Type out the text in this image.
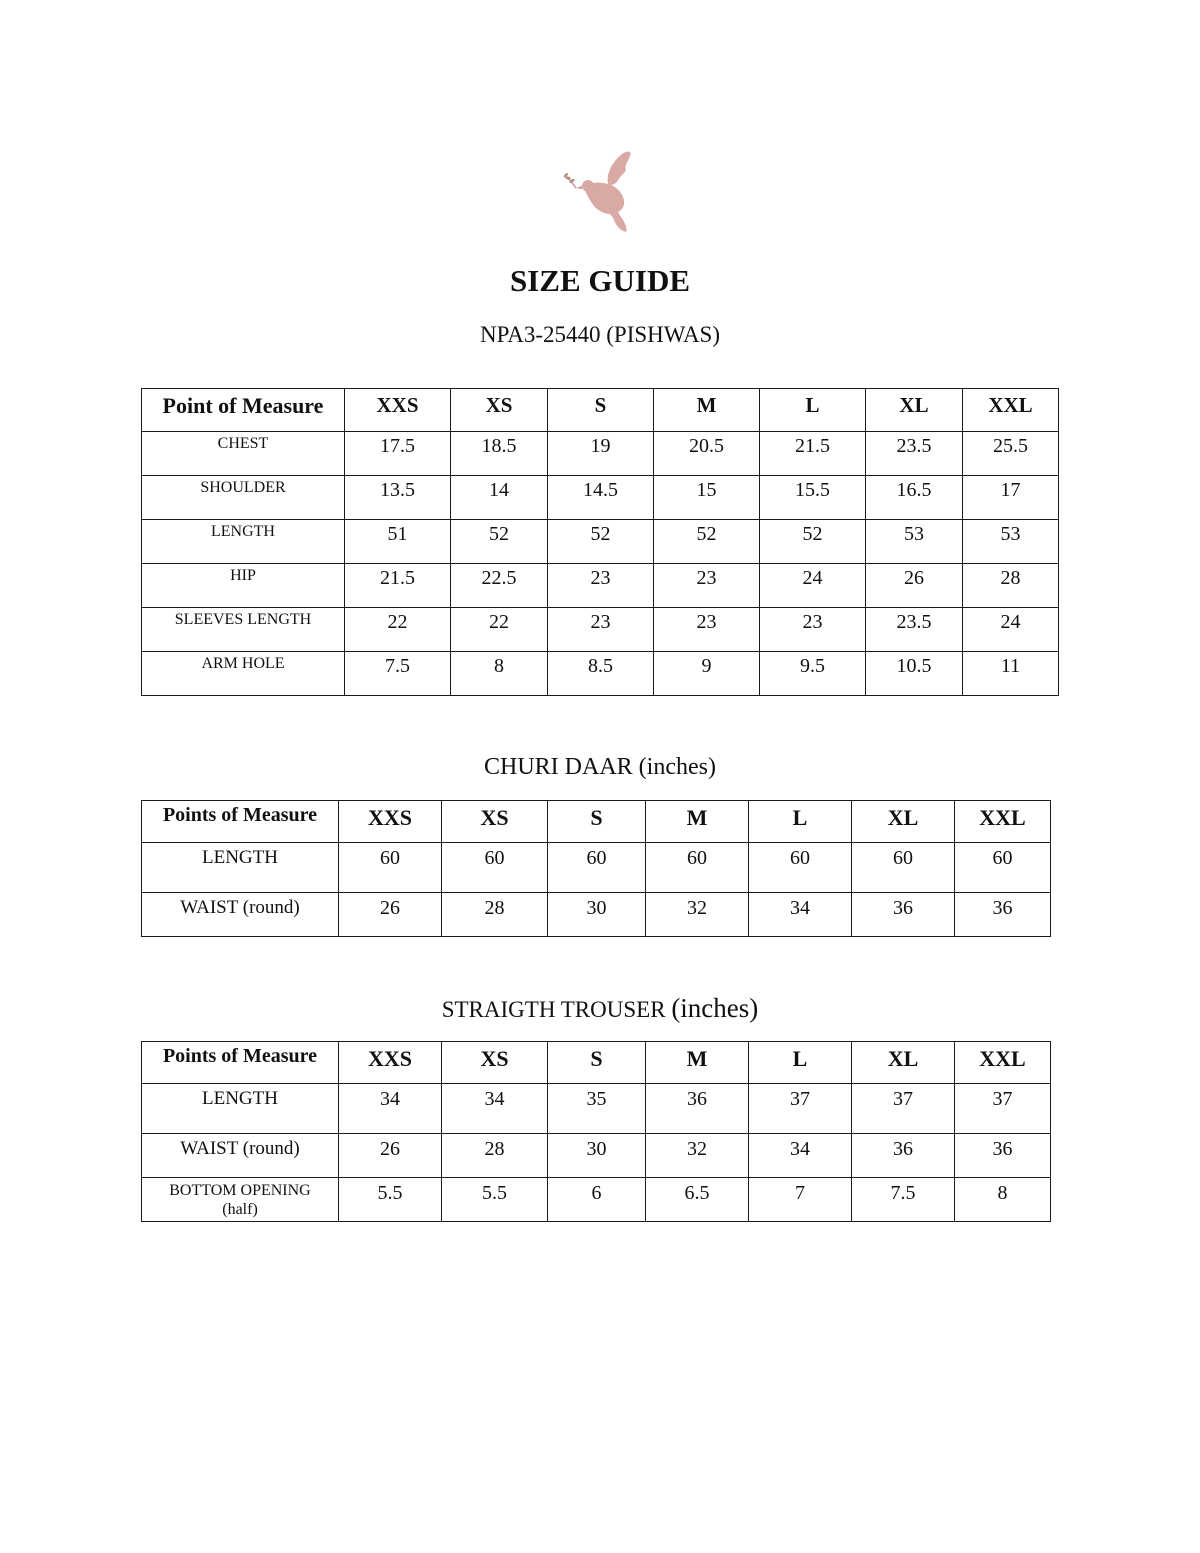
SIZE GUIDE
NPA3-25440 (PISHWAS)
Point of Measure	XXS	XS	S	M	L	XL	XXL
CHEST	17.5	18.5	19	20.5	21.5	23.5	25.5
SHOULDER	13.5	14	14.5	15	15.5	16.5	17
LENGTH	51	52	52	52	52	53	53
HIP	21.5	22.5	23	23	24	26	28
SLEEVES LENGTH	22	22	23	23	23	23.5	24
ARM HOLE	7.5	8	8.5	9	9.5	10.5	11
CHURI DAAR (inches)
Points of Measure	XXS	XS	S	M	L	XL	XXL
LENGTH	60	60	60	60	60	60	60
WAIST (round)	26	28	30	32	34	36	36
STRAIGTH TROUSER (inches)
Points of Measure	XXS	XS	S	M	L	XL	XXL
LENGTH	34	34	35	36	37	37	37
WAIST (round)	26	28	30	32	34	36	36

BOTTOM OPENING
(half)	5.5	5.5	6	6.5	7	7.5	8
